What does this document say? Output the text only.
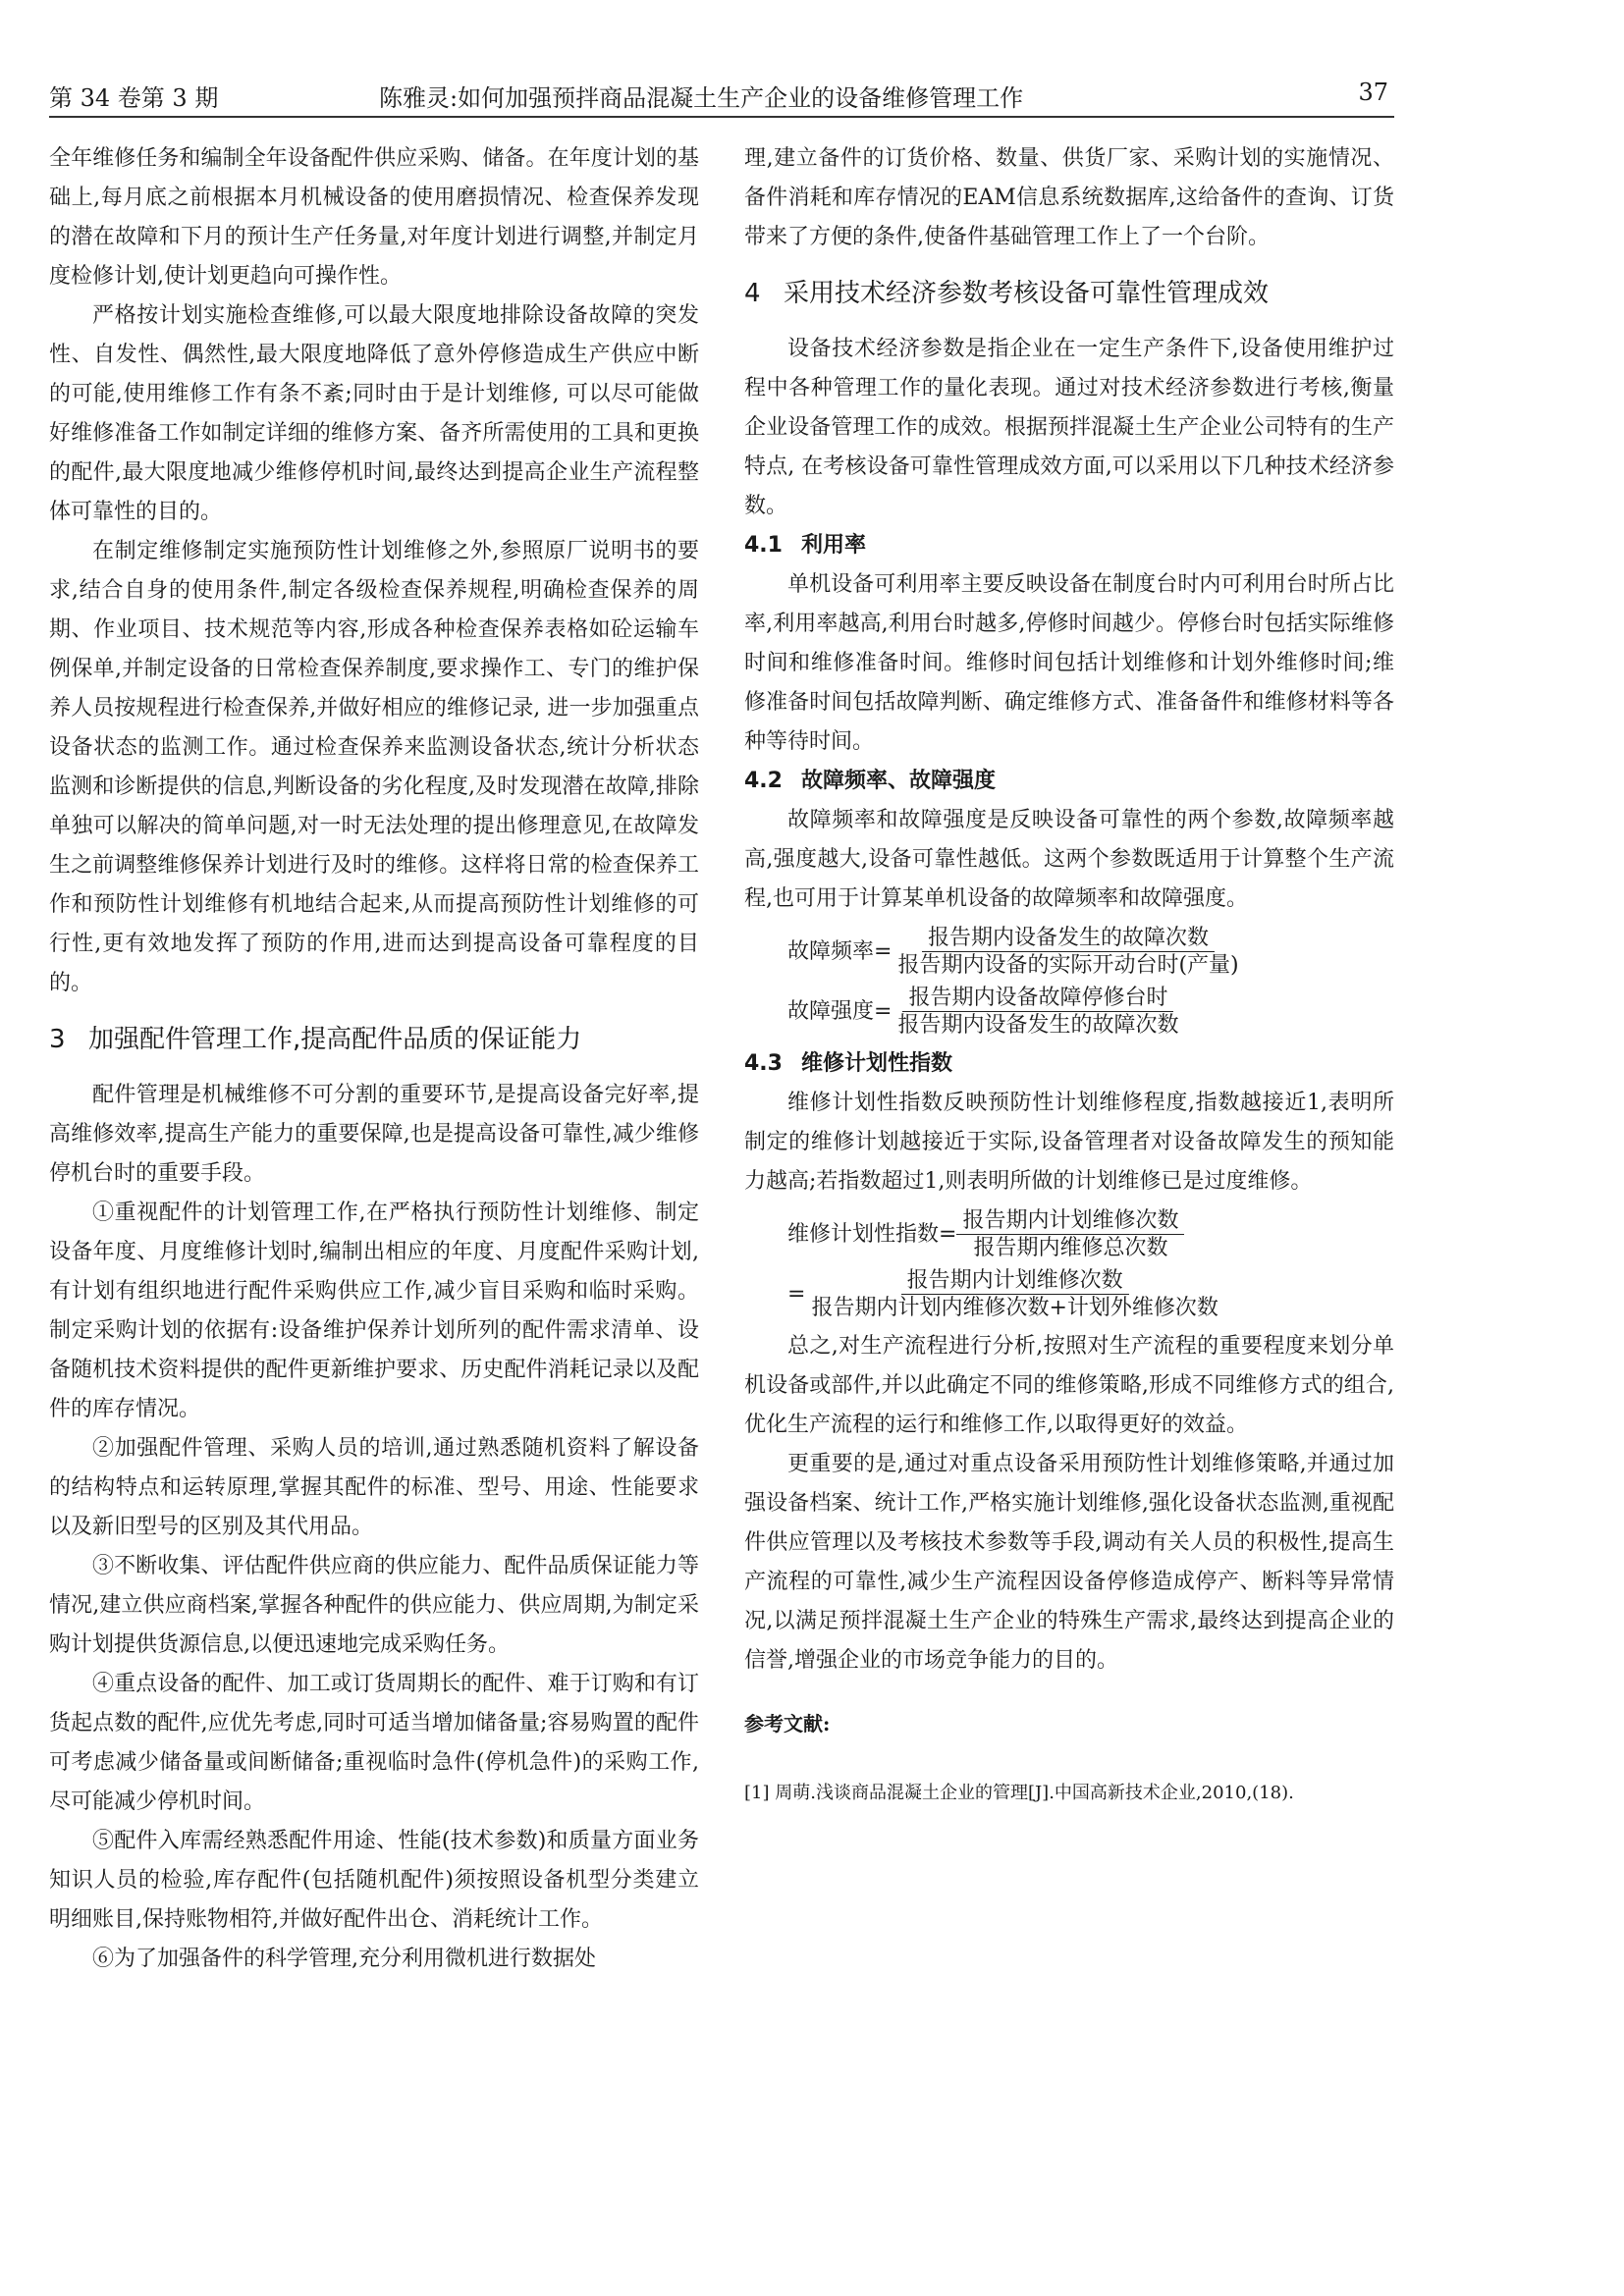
第 34 卷第 3 期	陈雅灵:如何加强预拌商品混凝土生产企业的设备维修管理工作	37

全年维修任务和编制全年设备配件供应采购、储备。在年度计划的基础上,每月底之前根据本月机械设备的使用磨损情况、检查保养发现的潜在故障和下月的预计生产任务量,对年度计划进行调整,并制定月度检修计划,使计划更趋向可操作性。

严格按计划实施检查维修,可以最大限度地排除设备故障的突发性、自发性、偶然性,最大限度地降低了意外停修造成生产供应中断的可能,使用维修工作有条不紊;同时由于是计划维修, 可以尽可能做好维修准备工作如制定详细的维修方案、备齐所需使用的工具和更换的配件,最大限度地减少维修停机时间,最终达到提高企业生产流程整体可靠性的目的。

在制定维修制定实施预防性计划维修之外,参照原厂说明书的要求,结合自身的使用条件,制定各级检查保养规程,明确检查保养的周期、作业项目、技术规范等内容,形成各种检查保养表格如砼运输车例保单,并制定设备的日常检查保养制度,要求操作工、专门的维护保养人员按规程进行检查保养,并做好相应的维修记录, 进一步加强重点设备状态的监测工作。通过检查保养来监测设备状态,统计分析状态监测和诊断提供的信息,判断设备的劣化程度,及时发现潜在故障,排除单独可以解决的简单问题,对一时无法处理的提出修理意见,在故障发生之前调整维修保养计划进行及时的维修。这样将日常的检查保养工作和预防性计划维修有机地结合起来,从而提高预防性计划维修的可行性,更有效地发挥了预防的作用,进而达到提高设备可靠程度的目的。

3 加强配件管理工作,提高配件品质的保证能力

配件管理是机械维修不可分割的重要环节,是提高设备完好率,提高维修效率,提高生产能力的重要保障,也是提高设备可靠性,减少维修停机台时的重要手段。

①重视配件的计划管理工作,在严格执行预防性计划维修、制定设备年度、月度维修计划时,编制出相应的年度、月度配件采购计划,有计划有组织地进行配件采购供应工作,减少盲目采购和临时采购。制定采购计划的依据有:设备维护保养计划所列的配件需求清单、设备随机技术资料提供的配件更新维护要求、历史配件消耗记录以及配件的库存情况。

②加强配件管理、采购人员的培训,通过熟悉随机资料了解设备的结构特点和运转原理,掌握其配件的标准、型号、用途、性能要求以及新旧型号的区别及其代用品。

③不断收集、评估配件供应商的供应能力、配件品质保证能力等情况,建立供应商档案,掌握各种配件的供应能力、供应周期,为制定采购计划提供货源信息,以便迅速地完成采购任务。

④重点设备的配件、加工或订货周期长的配件、难于订购和有订货起点数的配件,应优先考虑,同时可适当增加储备量;容易购置的配件可考虑减少储备量或间断储备;重视临时急件(停机急件)的采购工作,尽可能减少停机时间。

⑤配件入库需经熟悉配件用途、性能(技术参数)和质量方面业务知识人员的检验,库存配件(包括随机配件)须按照设备机型分类建立明细账目,保持账物相符,并做好配件出仓、消耗统计工作。

⑥为了加强备件的科学管理,充分利用微机进行数据处

理,建立备件的订货价格、数量、供货厂家、采购计划的实施情况、备件消耗和库存情况的EAM信息系统数据库,这给备件的查询、订货带来了方便的条件,使备件基础管理工作上了一个台阶。

4 采用技术经济参数考核设备可靠性管理成效

设备技术经济参数是指企业在一定生产条件下,设备使用维护过程中各种管理工作的量化表现。通过对技术经济参数进行考核,衡量企业设备管理工作的成效。根据预拌混凝土生产企业公司特有的生产特点, 在考核设备可靠性管理成效方面,可以采用以下几种技术经济参数。

4.1 利用率

单机设备可利用率主要反映设备在制度台时内可利用台时所占比率,利用率越高,利用台时越多,停修时间越少。停修台时包括实际维修时间和维修准备时间。维修时间包括计划维修和计划外维修时间;维修准备时间包括故障判断、确定维修方式、准备备件和维修材料等各种等待时间。

4.2 故障频率、故障强度

故障频率和故障强度是反映设备可靠性的两个参数,故障频率越高,强度越大,设备可靠性越低。这两个参数既适用于计算整个生产流程,也可用于计算某单机设备的故障频率和故障强度。

故障频率= $\frac{\text{报告期内设备发生的故障次数}}{\text{报告期内设备的实际开动台时(产量)}}$
故障强度= $\frac{\text{报告期内设备故障停修台时}}{\text{报告期内设备发生的故障次数}}$
4.3 维修计划性指数

维修计划性指数反映预防性计划维修程度,指数越接近1,表明所制定的维修计划越接近于实际,设备管理者对设备故障发生的预知能力越高;若指数超过1,则表明所做的计划维修已是过度维修。

维修计划性指数= $\frac{\text{报告期内计划维修次数}}{\text{报告期内维修总次数}}$
= $\frac{\text{报告期内计划维修次数}}{\text{报告期内计划内维修次数+计划外维修次数}}$

总之,对生产流程进行分析,按照对生产流程的重要程度来划分单机设备或部件,并以此确定不同的维修策略,形成不同维修方式的组合,优化生产流程的运行和维修工作,以取得更好的效益。

更重要的是,通过对重点设备采用预防性计划维修策略,并通过加强设备档案、统计工作,严格实施计划维修,强化设备状态监测,重视配件供应管理以及考核技术参数等手段,调动有关人员的积极性,提高生产流程的可靠性,减少生产流程因设备停修造成停产、断料等异常情况,以满足预拌混凝土生产企业的特殊生产需求,最终达到提高企业的信誉,增强企业的市场竞争能力的目的。

参考文献:
[1] 周萌.浅谈商品混凝土企业的管理[J].中国高新技术企业,2010,(18).
